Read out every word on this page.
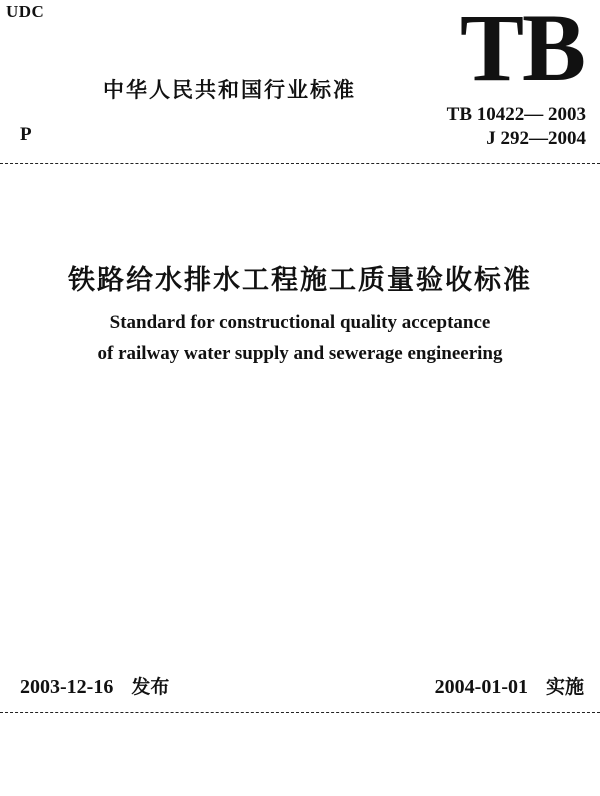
UDC
中华人民共和国行业标准 TB
TB 10422— 2003
J 292—2004
P
铁路给水排水工程施工质量验收标准
Standard for constructional quality acceptance
of railway water supply and sewerage engineering
2003-12-16 发布	2004-01-01 实施
